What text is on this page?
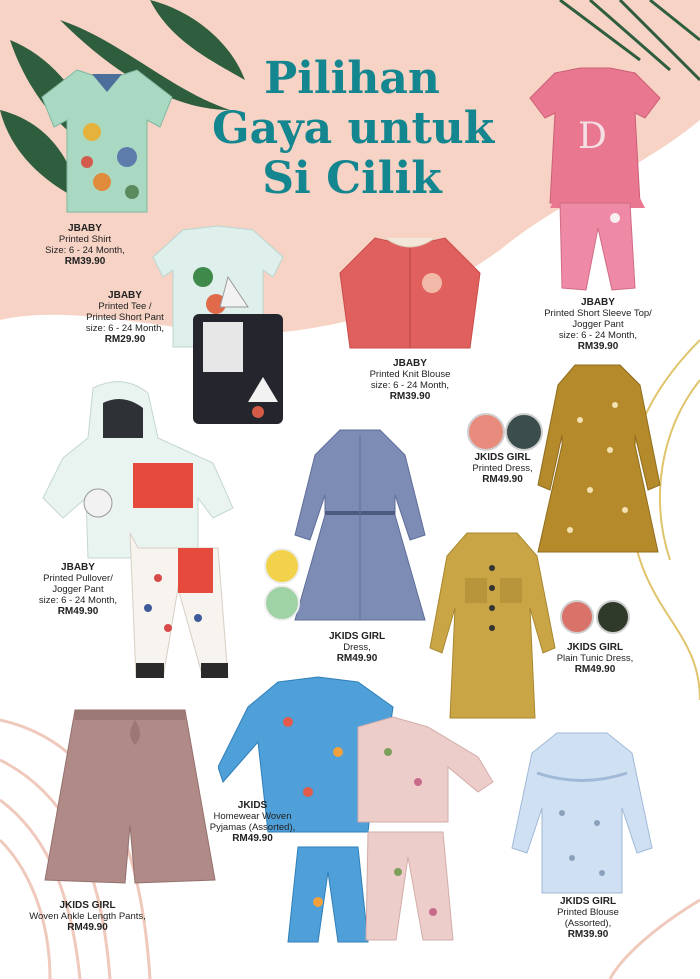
Pilihan
Gaya untuk
Si Cilik
JBABY
Printed Shirt
Size: 6 - 24 Month,
RM39.90
JBABY
Printed Tee /
Printed Short Pant
size: 6 - 24 Month,
RM29.90
JBABY
Printed Knit Blouse
size: 6 - 24 Month,
RM39.90
D
JBABY
Printed Short Sleeve Top/
Jogger Pant
size: 6 - 24 Month,
RM39.90
JBABY
Printed Pullover/
Jogger Pant
size: 6 - 24 Month,
RM49.90
JKIDS GIRL
Dress,
RM49.90
JKIDS GIRL
Printed Dress,
RM49.90
JKIDS GIRL
Plain Tunic Dress,
RM49.90
JKIDS
Homewear Woven
Pyjamas (Assorted),
RM49.90
JKIDS GIRL
Woven Ankle Length Pants,
RM49.90
JKIDS GIRL
Printed Blouse
(Assorted),
RM39.90
